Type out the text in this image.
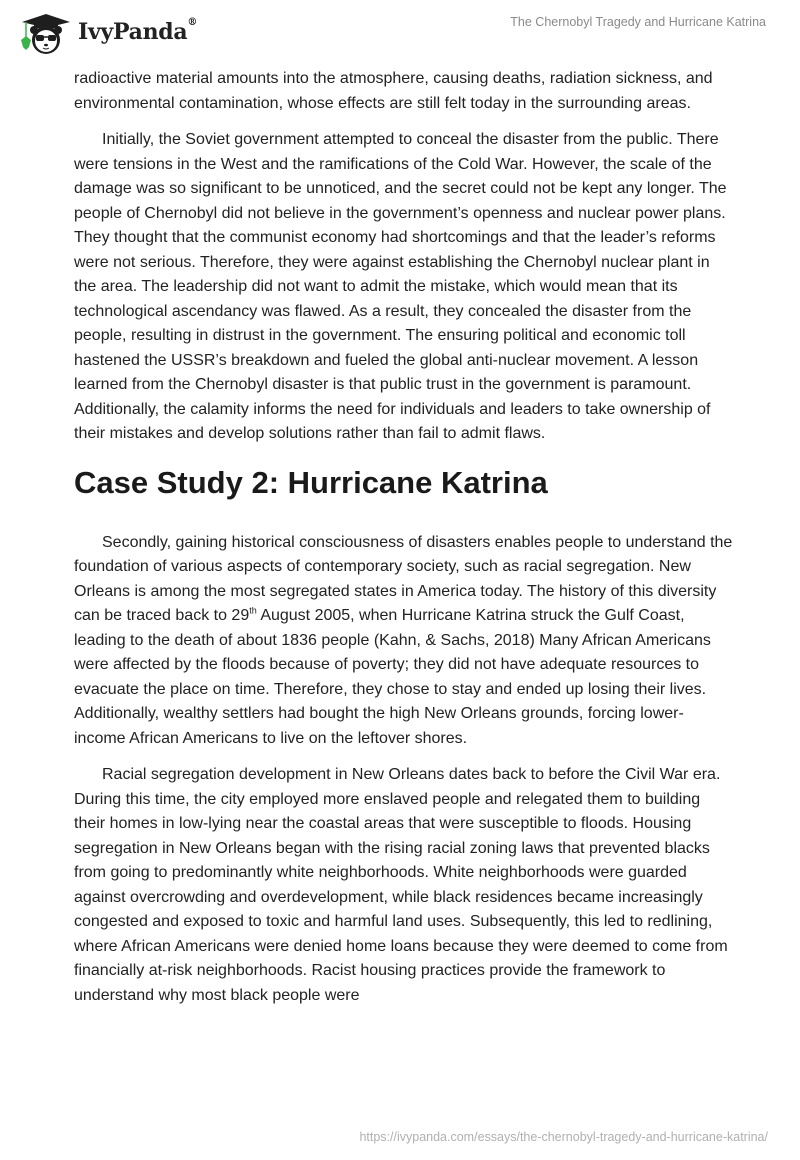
IvyPanda®	The Chernobyl Tragedy and Hurricane Katrina

radioactive material amounts into the atmosphere, causing deaths, radiation sickness, and environmental contamination, whose effects are still felt today in the surrounding areas.

Initially, the Soviet government attempted to conceal the disaster from the public. There were tensions in the West and the ramifications of the Cold War. However, the scale of the damage was so significant to be unnoticed, and the secret could not be kept any longer. The people of Chernobyl did not believe in the government’s openness and nuclear power plans. They thought that the communist economy had shortcomings and that the leader’s reforms were not serious. Therefore, they were against establishing the Chernobyl nuclear plant in the area. The leadership did not want to admit the mistake, which would mean that its technological ascendancy was flawed. As a result, they concealed the disaster from the people, resulting in distrust in the government. The ensuring political and economic toll hastened the USSR’s breakdown and fueled the global anti-nuclear movement. A lesson learned from the Chernobyl disaster is that public trust in the government is paramount. Additionally, the calamity informs the need for individuals and leaders to take ownership of their mistakes and develop solutions rather than fail to admit flaws.

Case Study 2: Hurricane Katrina

Secondly, gaining historical consciousness of disasters enables people to understand the foundation of various aspects of contemporary society, such as racial segregation. New Orleans is among the most segregated states in America today. The history of this diversity can be traced back to 29th August 2005, when Hurricane Katrina struck the Gulf Coast, leading to the death of about 1836 people (Kahn, & Sachs, 2018) Many African Americans were affected by the floods because of poverty; they did not have adequate resources to evacuate the place on time. Therefore, they chose to stay and ended up losing their lives. Additionally, wealthy settlers had bought the high New Orleans grounds, forcing lower-income African Americans to live on the leftover shores.

Racial segregation development in New Orleans dates back to before the Civil War era. During this time, the city employed more enslaved people and relegated them to building their homes in low-lying near the coastal areas that were susceptible to floods. Housing segregation in New Orleans began with the rising racial zoning laws that prevented blacks from going to predominantly white neighborhoods. White neighborhoods were guarded against overcrowding and overdevelopment, while black residences became increasingly congested and exposed to toxic and harmful land uses. Subsequently, this led to redlining, where African Americans were denied home loans because they were deemed to come from financially at-risk neighborhoods. Racist housing practices provide the framework to understand why most black people were

https://ivypanda.com/essays/the-chernobyl-tragedy-and-hurricane-katrina/
